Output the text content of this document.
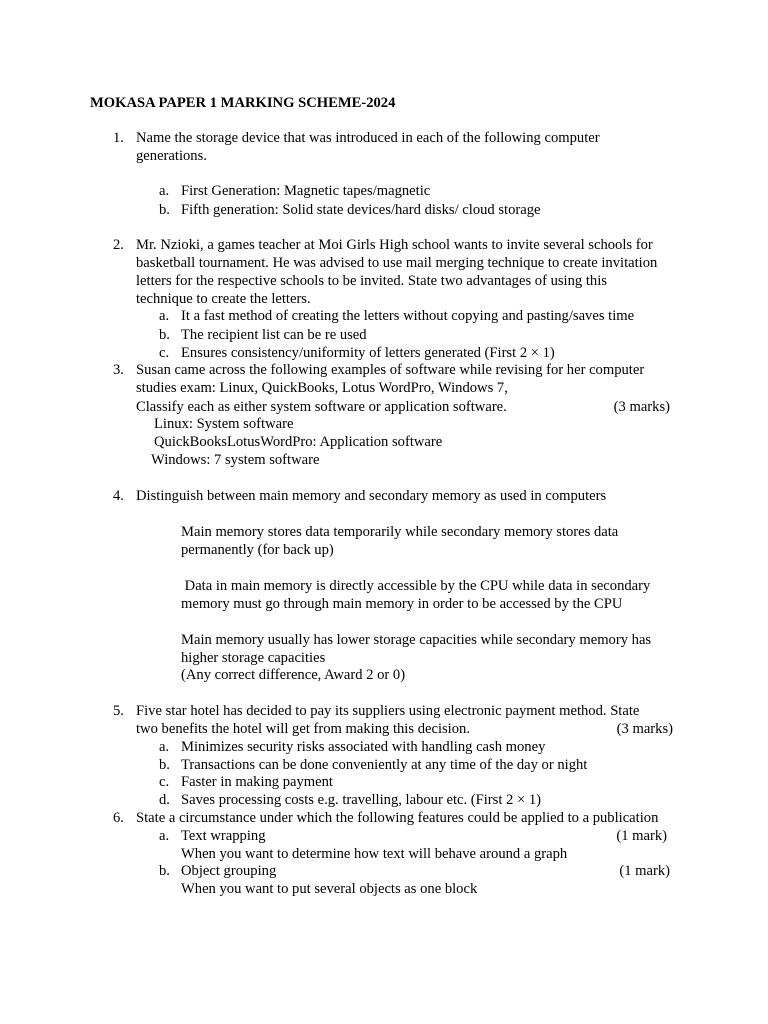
MOKASA PAPER 1 MARKING SCHEME-2024
1. Name the storage device that was introduced in each of the following computer
generations.
a. First Generation: Magnetic tapes/magnetic
b. Fifth generation: Solid state devices/hard disks/ cloud storage
2. Mr. Nzioki, a games teacher at Moi Girls High school wants to invite several schools for
basketball tournament. He was advised to use mail merging technique to create invitation
letters for the respective schools to be invited. State two advantages of using this
technique to create the letters.
a. It a fast method of creating the letters without copying and pasting/saves time
b. The recipient list can be re used
c. Ensures consistency/uniformity of letters generated (First 2 × 1)
3. Susan came across the following examples of software while revising for her computer
studies exam: Linux, QuickBooks, Lotus WordPro, Windows 7,
Classify each as either system software or application software.	(3 marks)
Linux: System software
QuickBooksLotusWordPro: Application software
Windows: 7 system software
4. Distinguish between main memory and secondary memory as used in computers
Main memory stores data temporarily while secondary memory stores data
permanently (for back up)
Data in main memory is directly accessible by the CPU while data in secondary
memory must go through main memory in order to be accessed by the CPU
Main memory usually has lower storage capacities while secondary memory has
higher storage capacities
(Any correct difference, Award 2 or 0)
5. Five star hotel has decided to pay its suppliers using electronic payment method. State
two benefits the hotel will get from making this decision.	(3 marks)
a. Minimizes security risks associated with handling cash money
b. Transactions can be done conveniently at any time of the day or night
c. Faster in making payment
d. Saves processing costs e.g. travelling, labour etc. (First 2 × 1)
6. State a circumstance under which the following features could be applied to a publication
a. Text wrapping	(1 mark)
When you want to determine how text will behave around a graph
b. Object grouping	(1 mark)
When you want to put several objects as one block
